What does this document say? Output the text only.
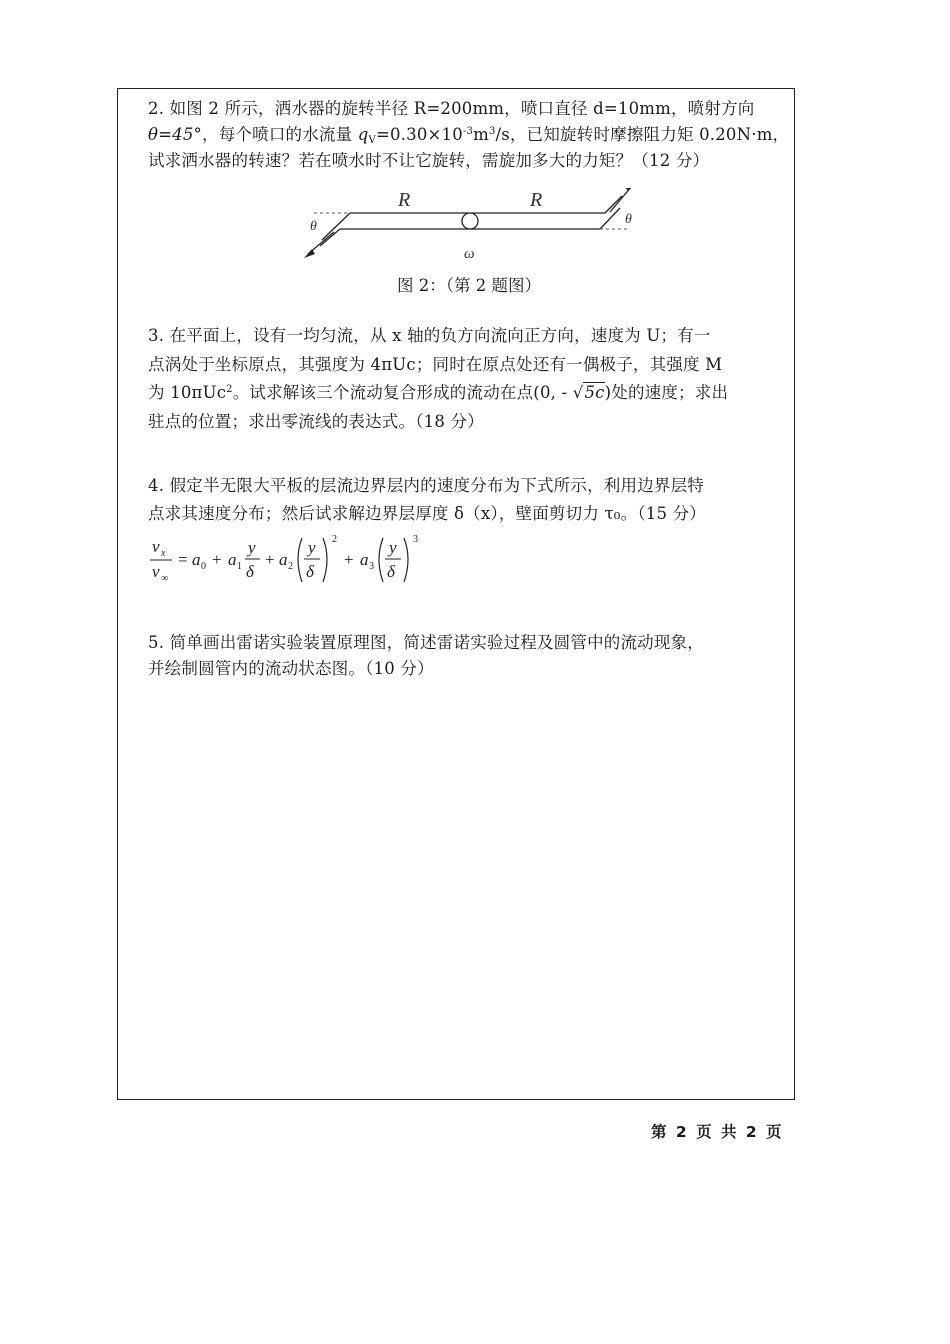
2. 如图 2 所示，洒水器的旋转半径 R=200mm，喷口直径 d=10mm，喷射方向

θ=45°，每个喷口的水流量 $q_V=0.30\times 10^{-3}m^3/s$，已知旋转时摩擦阻力矩 0.20N·m，

试求洒水器的转速？若在喷水时不让它旋转，需旋加多大的力矩？（12 分）

R	R
θ	θ
ω
图 2：（第 2 题图）

3. 在平面上，设有一均匀流，从 x 轴的负方向流向正方向，速度为 U；有一

点涡处于坐标原点，其强度为 4πUc；同时在原点处还有一偶极子，其强度 M

为 10πUc$^2$。试求解该三个流动复合形成的流动在点(0, - √5c)处的速度；求出

驻点的位置；求出零流线的表达式。（18 分）

4. 假定半无限大平板的层流边界层内的速度分布为下式所示，利用边界层特

点求其速度分布；然后试求解边界层厚度 δ（x），壁面剪切力 τ₀。（15 分）

v x
v ∞
= a 0 + a 1
y
δ
+ a 2
y
δ
2
+ a 3
y
δ
3

5. 简单画出雷诺实验装置原理图，简述雷诺实验过程及圆管中的流动现象，

并绘制圆管内的流动状态图。（10 分）

第 2 页 共 2 页
